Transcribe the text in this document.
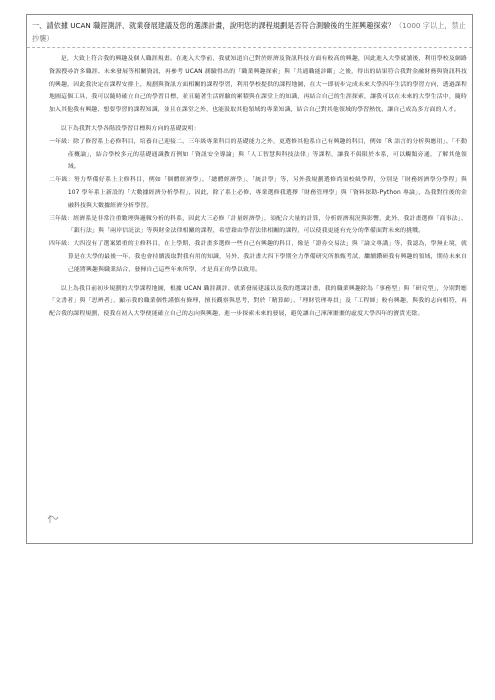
一、請依據 UCAN 職涯測評、就業發展建議及您的選課計畫，說明您的課程規劃是否符合測驗後的生涯興趣探索？（1000 字以上，禁止抄襲）

是，大致上符合我的興趣及個人職涯規畫。在進入大學前，我就知道自己對於經濟及資訊科技方面有較高的興趣，因此進入大學就讀後，利用學校及網路資源搜尋許多職涯、未來發展等相關資訊，再參考 UCAN 測驗得出的「職業興趣探索」與「共通職能診斷」之後，得出的結果符合我對金融財務與資訊科技的興趣，因此我決定在課程安排上，規劃與資訊方面相關的課程學習，利用學校提供的課程地圖，在大一即初步完成未來大學四年生活的學習方向，透過課程地圖這個工具，我可以隨時確立自己的學習目標，並且隨著生活經驗的累積與在課堂上的知識，再結合自己的生涯探索，讓我可以在未來的大學生活中，隨時加入其他我有興趣、想要學習的課程知識，並且在課堂之外，也能汲取其他領域的專業知識，結合自己對其他領域的學習熱忱，讓自己成為多方面的人才。

以下為我對大學各階段學習目標與方向的基礎說明：

一年級：除了修習系上必修科目，培養自己迎接二、三年級專業科目的基礎能力之外，更選修其他系自己有興趣的科目，例如「R 語言的分析與應用」、「不動產概論」，結合學校多元的基礎通識教育例如「資訊安全導論」與「人工智慧與科技法律」等課程，讓我不侷限於本系，可以觸類旁通，了解其他領域。

二年級：努力準備好系上主修科目，例如「個體經濟學」、「總體經濟學」、「統計學」等，另外我規劃選修尚須校級學程，分別是「財務經濟學分學程」與 107 學年系上新設的「大數據經濟分析學程」，因此，除了系上必修，專業選修我選擇「財務管理學」與「資料探勘-Python 專論」，為我對往後的金融科技與大數據經濟分析學習。

三年級：經濟系是非常注重數理與邏輯分析的科系，因此大三必修「計量經濟學」，須配合大量的計算，分析經濟現況與影響，此外，我計畫選修「商事法」、「銀行法」與「兩岸信託法」等與財金法律相關的課程，希望藉由學習法律相關的課程，可以使我更能有充分的準備面對未來的挑戰。

四年級：大四沒有了選案繁重的主修科目，在上學期，我計畫多選修一些自己有興趣的科目，像是「證券交易法」與「論文專講」等，我認為，學無止境，就算是在大學的最後一年，我也會持續汲取對我有用的知識，另外，我計畫大四下學期全力準備研究所推甄考試，繼續鑽研我有興趣的領域，期待未來自己能將興趣與職業結合，發揮自己這些年來所學，才是真正的學以致用。

以上為我目前初步規劃的大學課程地圖，根據 UCAN 職涯測評、就業發展建議以及我的選課計畫，我的職業興趣除為「事務型」與「研究型」，分別對應「文書者」與「思辨者」，顯示我的職業個性謹慎有條理，擅長觀察與思考，對於「精算師」、「理財管理專員」及「工程師」較有興趣，與我的志向相符，再配合我的課程規劃，使我在初入大學便能確立自己的志向與興趣，進一步探索未來的發展，避免讓自己渾渾噩噩的虛度大學四年的寶貴光陰。
